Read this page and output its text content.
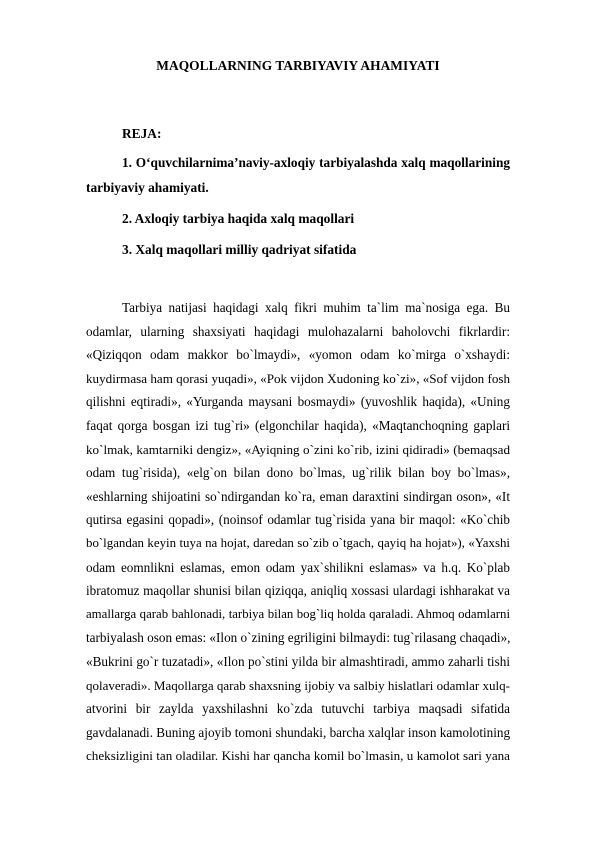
MAQOLLARNING TARBIYAVIY AHAMIYATI

REJA:

1. O‘quvchilarnima’naviy-axloqiy tarbiyalashda xalq maqollarining
tarbiyaviy ahamiyati.

2. Axloqiy tarbiya haqida xalq maqollari

3. Xalq maqollari milliy qadriyat sifatida

Tarbiya natijasi haqidagi xalq fikri muhim ta`lim ma`nosiga ega. Bu
odamlar, ularning shaxsiyati haqidagi mulohazalarni baholovchi fikrlardir:
«Qiziqqon odam makkor bo`lmaydi», «yomon odam ko`mirga o`xshaydi:
kuydirmasa ham qorasi yuqadi», «Pok vijdon Xudoning ko`zi», «Sof vijdon fosh
qilishni eqtiradi», «Yurganda maysani bosmaydi» (yuvoshlik haqida), «Uning
faqat qorga bosgan izi tug`ri» (elgonchilar haqida), «Maqtanchoqning gaplari
ko`lmak, kamtarniki dengiz», «Ayiqning o`zini ko`rib, izini qidiradi» (bemaqsad
odam tug`risida), «elg`on bilan dono bo`lmas, ug`rilik bilan boy bo`lmas»,
«eshlarning shijoatini so`ndirgandan ko`ra, eman daraxtini sindirgan oson», «It
qutirsa egasini qopadi», (noinsof odamlar tug`risida yana bir maqol: «Ko`chib
bo`lgandan keyin tuya na hojat, daredan so`zib o`tgach, qayiq ha hojat»), «Yaxshi
odam eomnlikni eslamas, emon odam yax`shilikni eslamas» va h.q. Ko`plab
ibratomuz maqollar shunisi bilan qiziqqa, aniqliq xossasi ulardagi ishharakat va
amallarga qarab bahlonadi, tarbiya bilan bog`liq holda qaraladi. Ahmoq odamlarni
tarbiyalash oson emas: «Ilon o`zining egriligini bilmaydi: tug`rilasang chaqadi»,
«Bukrini go`r tuzatadi», «Ilon po`stini yilda bir almashtiradi, ammo zaharli tishi
qolaveradi». Maqollarga qarab shaxsning ijobiy va salbiy hislatlari odamlar xulq-
atvorini bir zaylda yaxshilashni ko`zda tutuvchi tarbiya maqsadi sifatida
gavdalanadi. Buning ajoyib tomoni shundaki, barcha xalqlar inson kamolotining
cheksizligini tan oladilar. Kishi har qancha komil bo`lmasin, u kamolot sari yana
